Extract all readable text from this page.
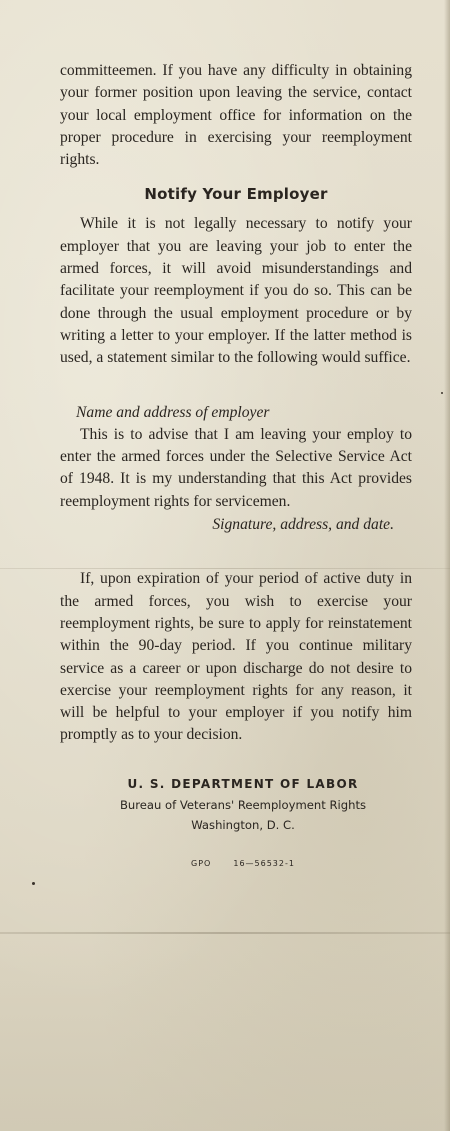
committeemen. If you have any difficulty in obtaining your former position upon leaving the service, contact your local employment office for information on the proper procedure in exercising your reemployment rights.

Notify Your Employer

While it is not legally necessary to notify your employer that you are leaving your job to enter the armed forces, it will avoid misunderstandings and facilitate your reemployment if you do so. This can be done through the usual employment procedure or by writing a letter to your employer. If the latter method is used, a statement similar to the following would suffice.

Name and address of employer

This is to advise that I am leaving your employ to enter the armed forces under the Selective Service Act of 1948. It is my understanding that this Act provides reemployment rights for servicemen.

Signature, address, and date.

If, upon expiration of your period of active duty in the armed forces, you wish to exercise your reemployment rights, be sure to apply for reinstatement within the 90-day period. If you continue military service as a career or upon discharge do not desire to exercise your reemployment rights for any reason, it will be helpful to your employer if you notify him promptly as to your decision.

U. S. DEPARTMENT OF LABOR
Bureau of Veterans' Reemployment Rights
Washington, D. C.
GPO	16—56532-1
